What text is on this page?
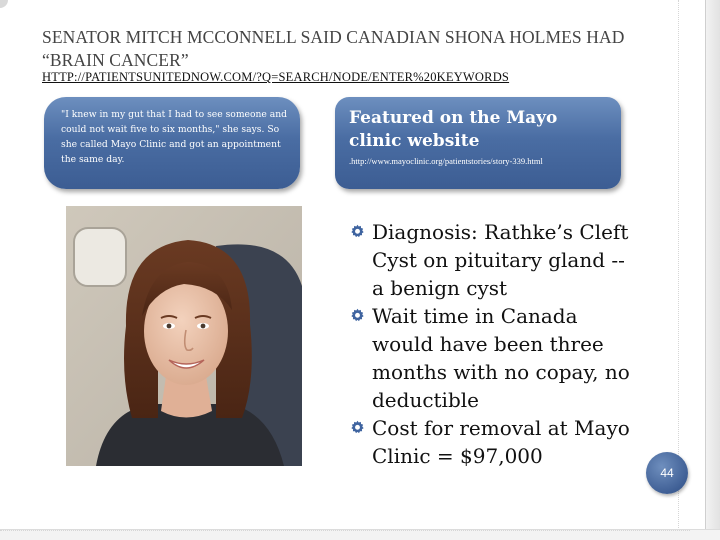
SENATOR MITCH MCCONNELL SAID CANADIAN SHONA HOLMES HAD “BRAIN CANCER”
HTTP://PATIENTSUNITEDNOW.COM/?Q=SEARCH/NODE/ENTER%20KEYWORDS
"I knew in my gut that I had to see someone and could not wait five to six months," she says. So she called Mayo Clinic and got an appointment the same day.
Featured on the Mayo clinic website
.http://www.mayoclinic.org/patientstories/story-339.html
Diagnosis: Rathke’s Cleft Cyst on pituitary gland -- a benign cyst
Wait time in Canada would have been three months with no copay, no deductible
Cost for removal at Mayo Clinic = $97,000
44
